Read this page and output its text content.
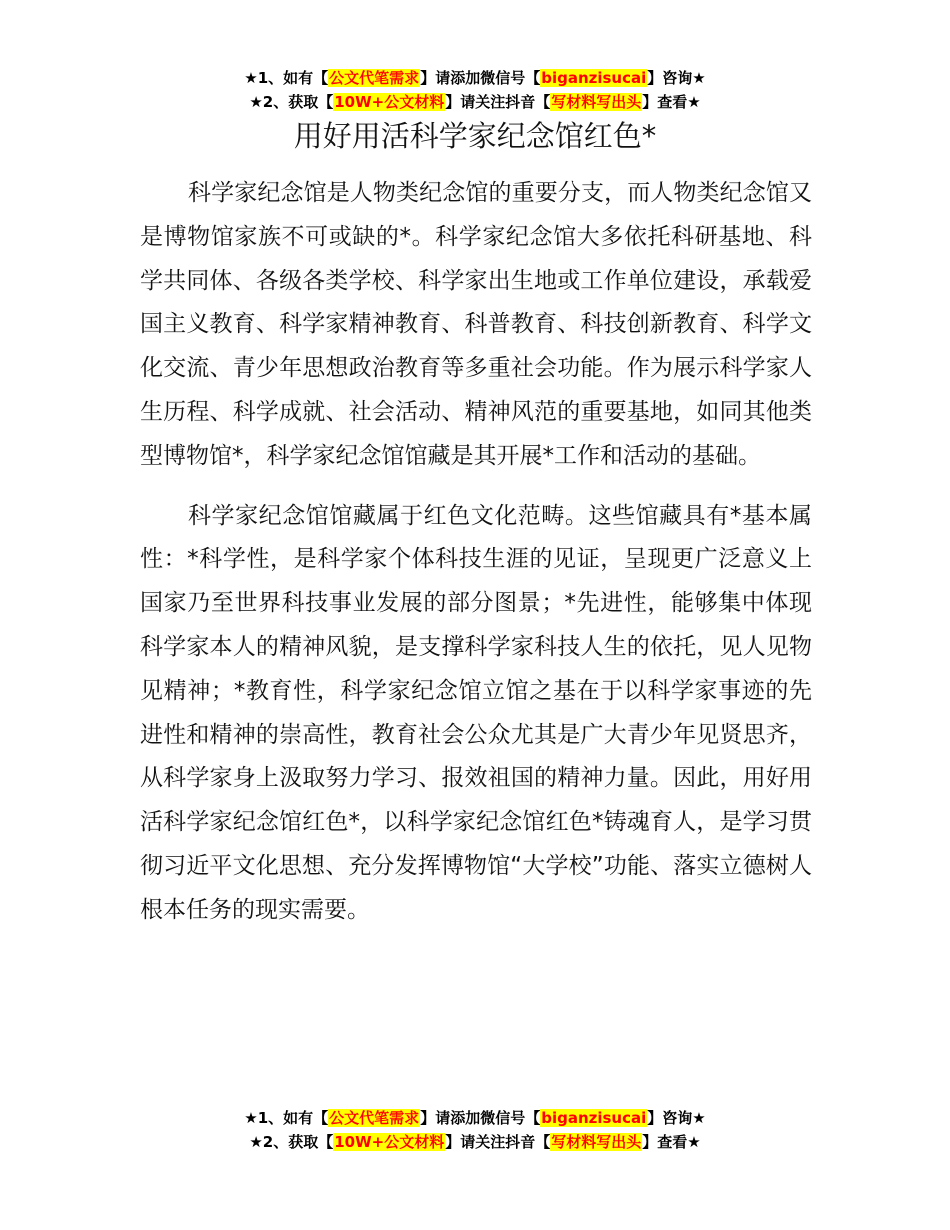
★1、如有【公文代笔需求】请添加微信号【biganzisucai】咨询★
★2、获取【10W+公文材料】请关注抖音【写材料写出头】查看★
用好用活科学家纪念馆红色*

科学家纪念馆是人物类纪念馆的重要分支，而人物类纪念馆又是博物馆家族不可或缺的*。科学家纪念馆大多依托科研基地、科学共同体、各级各类学校、科学家出生地或工作单位建设，承载爱国主义教育、科学家精神教育、科普教育、科技创新教育、科学文化交流、青少年思想政治教育等多重社会功能。作为展示科学家人生历程、科学成就、社会活动、精神风范的重要基地，如同其他类型博物馆*，科学家纪念馆馆藏是其开展*工作和活动的基础。

科学家纪念馆馆藏属于红色文化范畴。这些馆藏具有*基本属性：*科学性，是科学家个体科技生涯的见证，呈现更广泛意义上国家乃至世界科技事业发展的部分图景；*先进性，能够集中体现科学家本人的精神风貌，是支撑科学家科技人生的依托，见人见物见精神；*教育性，科学家纪念馆立馆之基在于以科学家事迹的先进性和精神的崇高性，教育社会公众尤其是广大青少年见贤思齐，从科学家身上汲取努力学习、报效祖国的精神力量。因此，用好用活科学家纪念馆红色*，以科学家纪念馆红色*铸魂育人，是学习贯彻习近平文化思想、充分发挥博物馆“大学校”功能、落实立德树人根本任务的现实需要。

★1、如有【公文代笔需求】请添加微信号【biganzisucai】咨询★
★2、获取【10W+公文材料】请关注抖音【写材料写出头】查看★
